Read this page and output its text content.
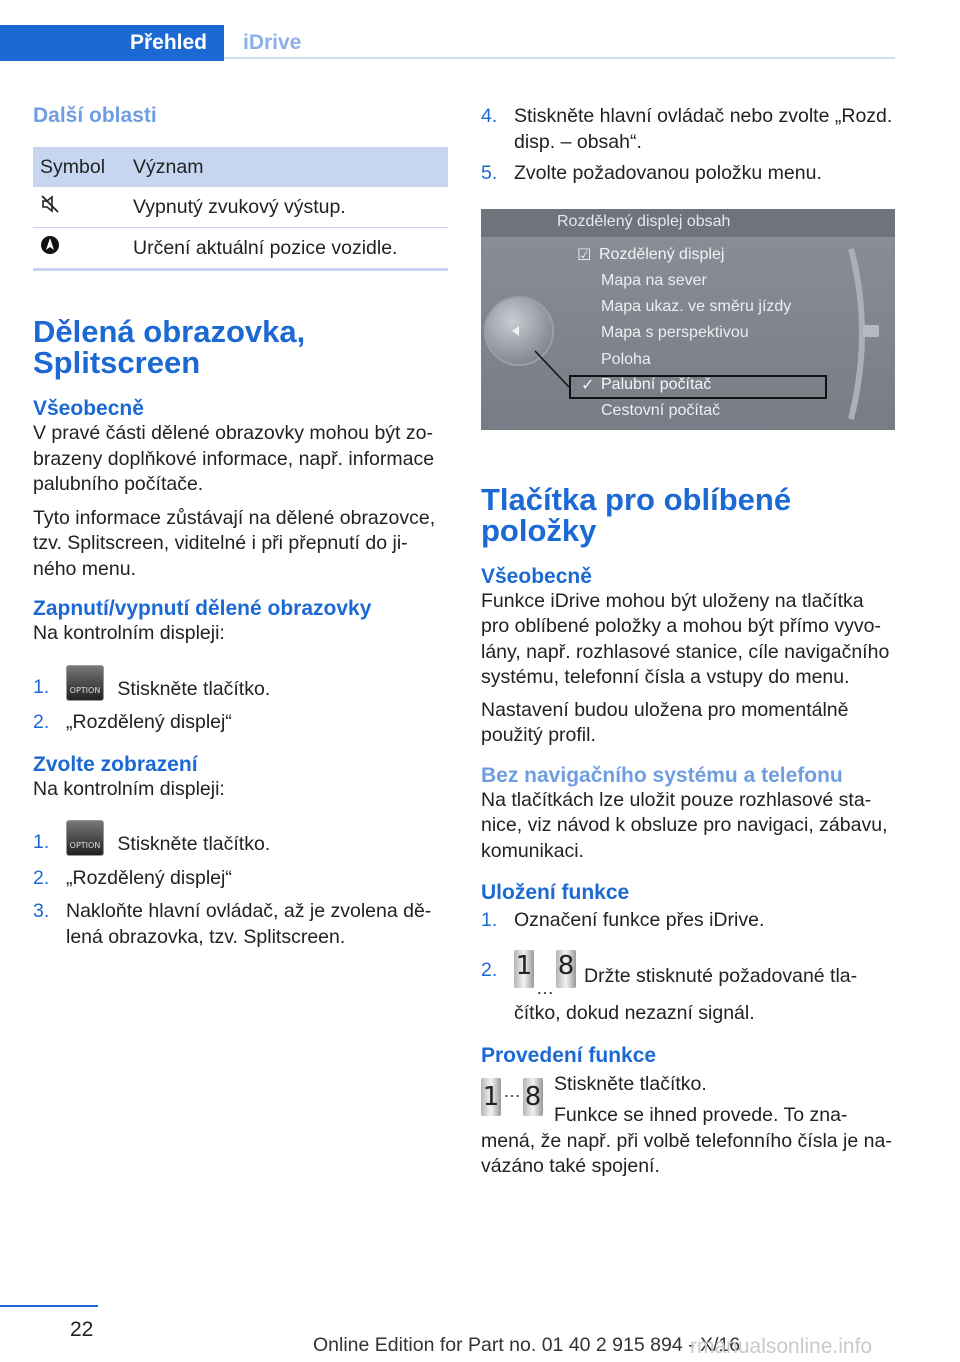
Přehled	iDrive
Další oblasti
Symbol	Význam
	Vypnutý zvukový výstup.
	Určení aktuální pozice vozidle.
Dělená obrazovka,
Splitscreen
Všeobecně

V pravé části dělené obrazovky mohou být zo-brazeny doplňkové informace, např. informace palubního počítače.

Tyto informace zůstávají na dělené obrazovce, tzv. Splitscreen, viditelné i při přepnutí do ji-ného menu.

Zapnutí/vypnutí dělené obrazovky

Na kontrolním displeji:

1.	OPTION Stiskněte tlačítko.
2. „Rozdělený displej“
Zvolte zobrazení

Na kontrolním displeji:

1.	OPTION Stiskněte tlačítko.
2. „Rozdělený displej“
3. Nakloňte hlavní ovládač, až je zvolena dě-lená obrazovka, tzv. Splitscreen.
4. Stiskněte hlavní ovládač nebo zvolte „Rozd. disp. – obsah“.
5. Zvolte požadovanou položku menu.
Rozdělený displej obsah
☑ Rozdělený displej
Mapa na sever
Mapa ukaz. ve směru jízdy
Mapa s perspektivou
Poloha
✓ Palubní počítač
Cestovní počítač
Tlačítka pro oblíbené
položky
Všeobecně

Funkce iDrive mohou být uloženy na tlačítka pro oblíbené položky a mohou být přímo vyvo-lány, např. rozhlasové stanice, cíle navigačního systému, telefonní čísla a vstupy do menu.

Nastavení budou uložena pro momentálně použitý profil.

Bez navigačního systému a telefonu

Na tlačítkách lze uložit pouze rozhlasové sta-nice, viz návod k obsluze pro navigaci, zábavu, komunikaci.

Uložení funkce
1. Označení funkce přes iDrive.
2. 1
…
8 Držte stisknuté požadované tla-čítko, dokud nezazní signál.
Provedení funkce
1 … 8 Stiskněte tlačítko.

Funkce se ihned provede. To zna-mená, že např. při volbě telefonního čísla je na-vázáno také spojení.

22
Online Edition for Part no. 01 40 2 915 894 - X/16
rmanualsonline.info
